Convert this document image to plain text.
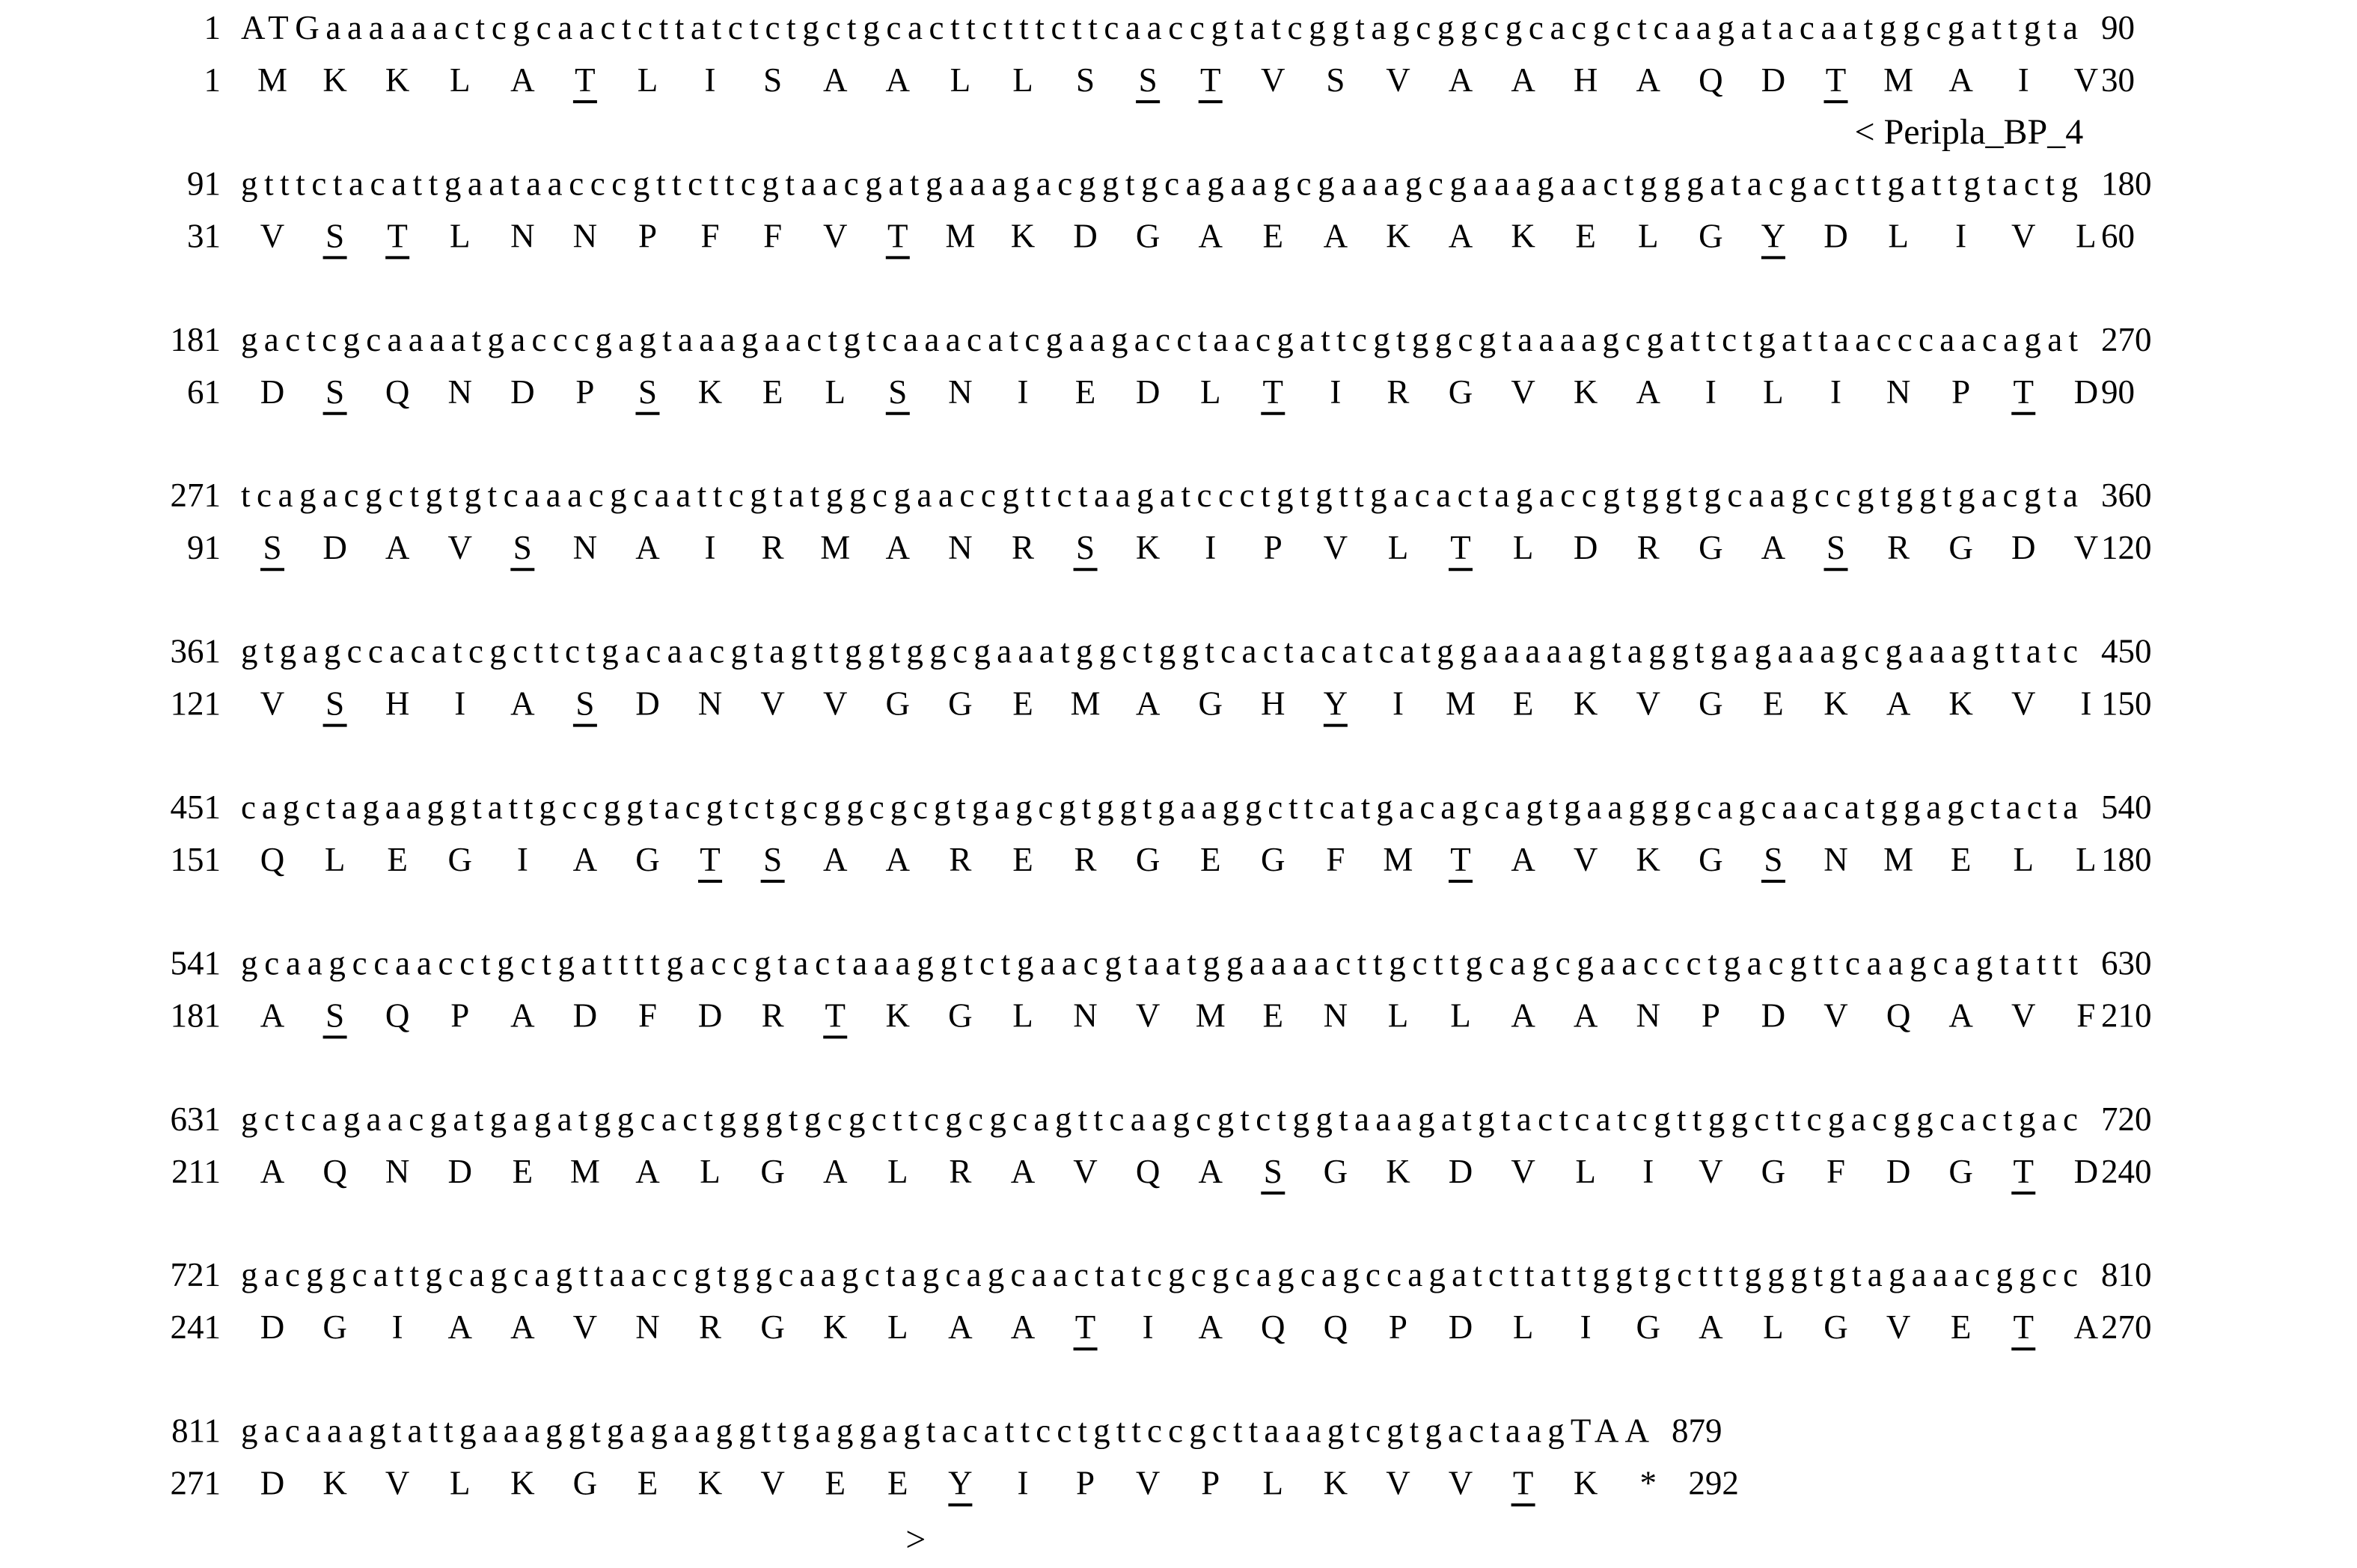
1 ATGaaaaaactcgcaactcttatctctgctgcacttctttcttcaaccgtatcggtagcggcgcacgctcaagatacaatggcgattgta 90
1 M K K L A T L I S A A L L S S T V S V A A H A Q D T M A I V 30
< Peripla_BP_4
91 gtttctacattgaataacccgttcttcgtaacgatgaaagacggtgcagaagcgaaagcgaaagaactgggatacgacttgattgtactg 180
31 V S T L N N P F F V T M K D G A E A K A K E L G Y D L I V L 60
181 gactcgcaaaatgacccgagtaaagaactgtcaaacatcgaagacctaacgattcgtggcgtaaaagcgattctgattaacccaacagat 270
61 D S Q N D P S K E L S N I E D L T I R G V K A I L I N P T D 90
271 tcagacgctgtgtcaaacgcaattcgtatggcgaaccgttctaagatccctgtgttgacactagaccgtggtgcaagccgtggtgacgta 360
91 S D A V S N A I R M A N R S K I P V L T L D R G A S R G D V 120
361 gtgagccacatcgcttctgacaacgtagttggtggcgaaatggctggtcactacatcatggaaaaagtaggtgagaaagcgaaagttatc 450
121 V S H I A S D N V V G G E M A G H Y I M E K V G E K A K V I 150
451 cagctagaaggtattgccggtacgtctgcggcgcgtgagcgtggtgaaggcttcatgacagcagtgaagggcagcaacatggagctacta 540
151 Q L E G I A G T S A A R E R G E G F M T A V K G S N M E L L 180
541 gcaagccaacctgctgattttgaccgtactaaaggtctgaacgtaatggaaaacttgcttgcagcgaaccctgacgttcaagcagtattt 630
181 A S Q P A D F D R T K G L N V M E N L L A A N P D V Q A V F 210
631 gctcagaacgatgagatggcactgggtgcgcttcgcgcagttcaagcgtctggtaaagatgtactcatcgttggcttcgacggcactgac 720
211 A Q N D E M A L G A L R A V Q A S G K D V L I V G F D G T D 240
721 gacggcattgcagcagttaaccgtggcaagctagcagcaactatcgcgcagcagccagatcttattggtgctttgggtgtagaaacggcc 810
241 D G I A A V N R G K L A A T I A Q Q P D L I G A L G V E T A 270
811 gacaaagtattgaaaggtgagaaggttgaggagtacattcctgttccgcttaaagtcgtgactaagTAA 879
271 D K V L K G E K V E E Y I P V P L K V V T K * 292
>
